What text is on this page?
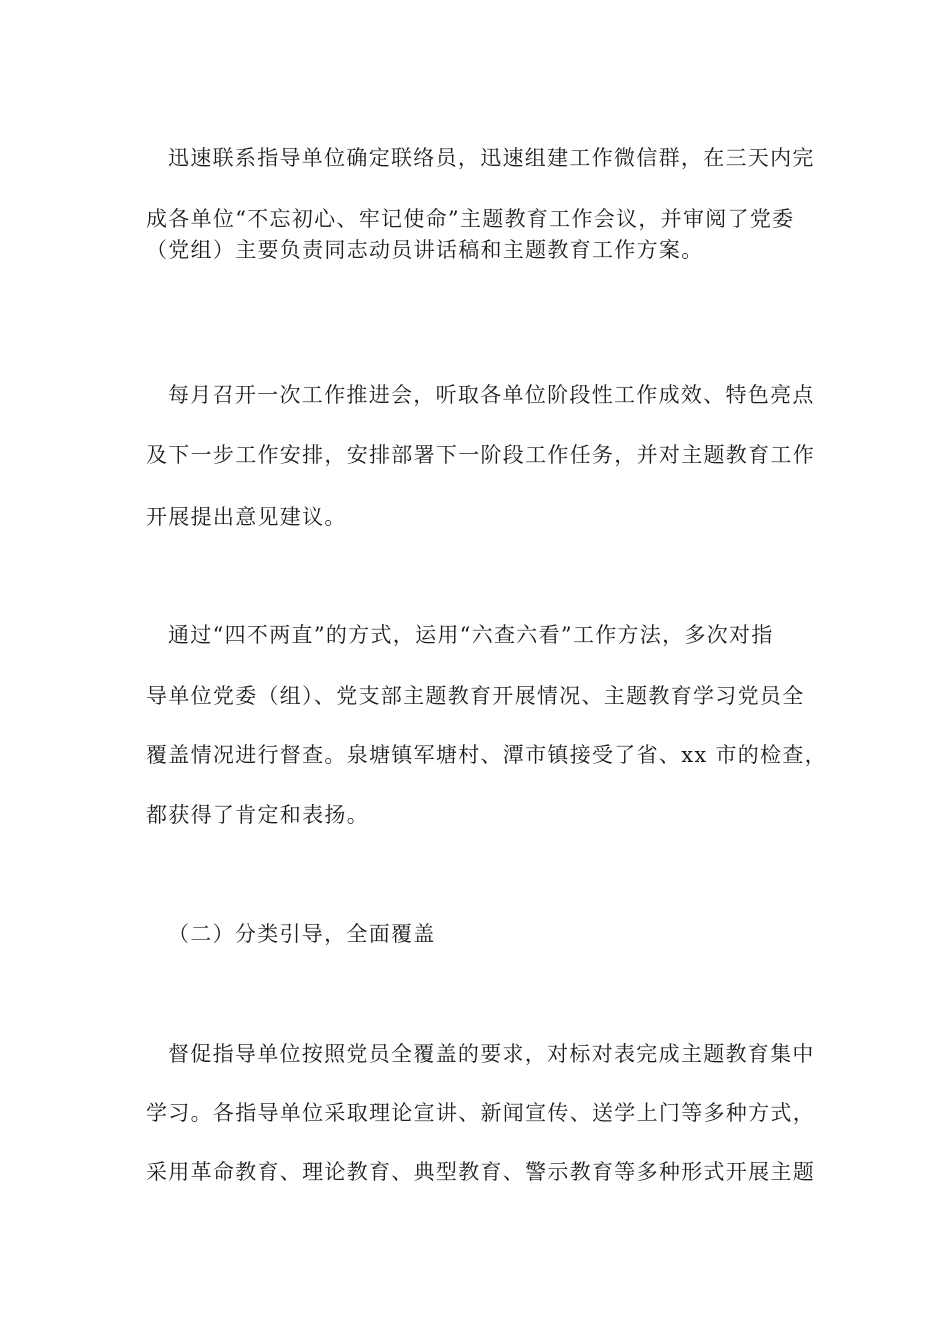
迅速联系指导单位确定联络员，迅速组建工作微信群，在三天内完
成各单位“不忘初心、牢记使命”主题教育工作会议，并审阅了党委
（党组）主要负责同志动员讲话稿和主题教育工作方案。
每月召开一次工作推进会，听取各单位阶段性工作成效、特色亮点
及下一步工作安排，安排部署下一阶段工作任务，并对主题教育工作
开展提出意见建议。
通过“四不两直”的方式，运用“六查六看”工作方法，多次对指
导单位党委（组）、党支部主题教育开展情况、主题教育学习党员全
覆盖情况进行督查。泉塘镇军塘村、潭市镇接受了省、xx 市的检查，
都获得了肯定和表扬。
（二）分类引导，全面覆盖
督促指导单位按照党员全覆盖的要求，对标对表完成主题教育集中
学习。各指导单位采取理论宣讲、新闻宣传、送学上门等多种方式，
采用革命教育、理论教育、典型教育、警示教育等多种形式开展主题
